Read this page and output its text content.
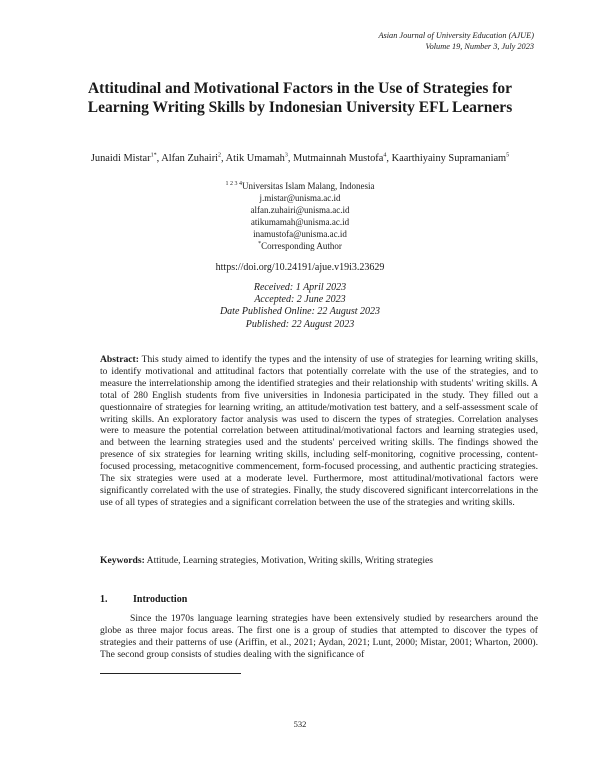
Asian Journal of University Education (AJUE)
Volume 19, Number 3, July 2023
Attitudinal and Motivational Factors in the Use of Strategies for Learning Writing Skills by Indonesian University EFL Learners
Junaidi Mistar$^{1*}$, Alfan Zuhairi$^2$, Atik Umamah$^3$, Mutmainnah Mustofa$^4$, Kaarthiyainy Supramaniam$^5$
$^{1 2 3 4}$Universitas Islam Malang, Indonesia
j.mistar@unisma.ac.id
alfan.zuhairi@unisma.ac.id
atikumamah@unisma.ac.id
inamustofa@unisma.ac.id
*Corresponding Author
https://doi.org/10.24191/ajue.v19i3.23629
Received: 1 April 2023
Accepted: 2 June 2023
Date Published Online: 22 August 2023
Published: 22 August 2023
Abstract: This study aimed to identify the types and the intensity of use of strategies for learning writing skills, to identify motivational and attitudinal factors that potentially correlate with the use of the strategies, and to measure the interrelationship among the identified strategies and their relationship with students' writing skills. A total of 280 English students from five universities in Indonesia participated in the study. They filled out a questionnaire of strategies for learning writing, an attitude/motivation test battery, and a self-assessment scale of writing skills. An exploratory factor analysis was used to discern the types of strategies. Correlation analyses were to measure the potential correlation between attitudinal/motivational factors and learning strategies used, and between the learning strategies used and the students' perceived writing skills. The findings showed the presence of six strategies for learning writing skills, including self-monitoring, cognitive processing, content-focused processing, metacognitive commencement, form-focused processing, and authentic practicing strategies. The six strategies were used at a moderate level. Furthermore, most attitudinal/motivational factors were significantly correlated with the use of strategies. Finally, the study discovered significant intercorrelations in the use of all types of strategies and a significant correlation between the use of the strategies and writing skills.
Keywords: Attitude, Learning strategies, Motivation, Writing skills, Writing strategies
1.	Introduction
Since the 1970s language learning strategies have been extensively studied by researchers around the globe as three major focus areas. The first one is a group of studies that attempted to discover the types of strategies and their patterns of use (Ariffin, et al., 2021; Aydan, 2021; Lunt, 2000; Mistar, 2001; Wharton, 2000). The second group consists of studies dealing with the significance of
532
